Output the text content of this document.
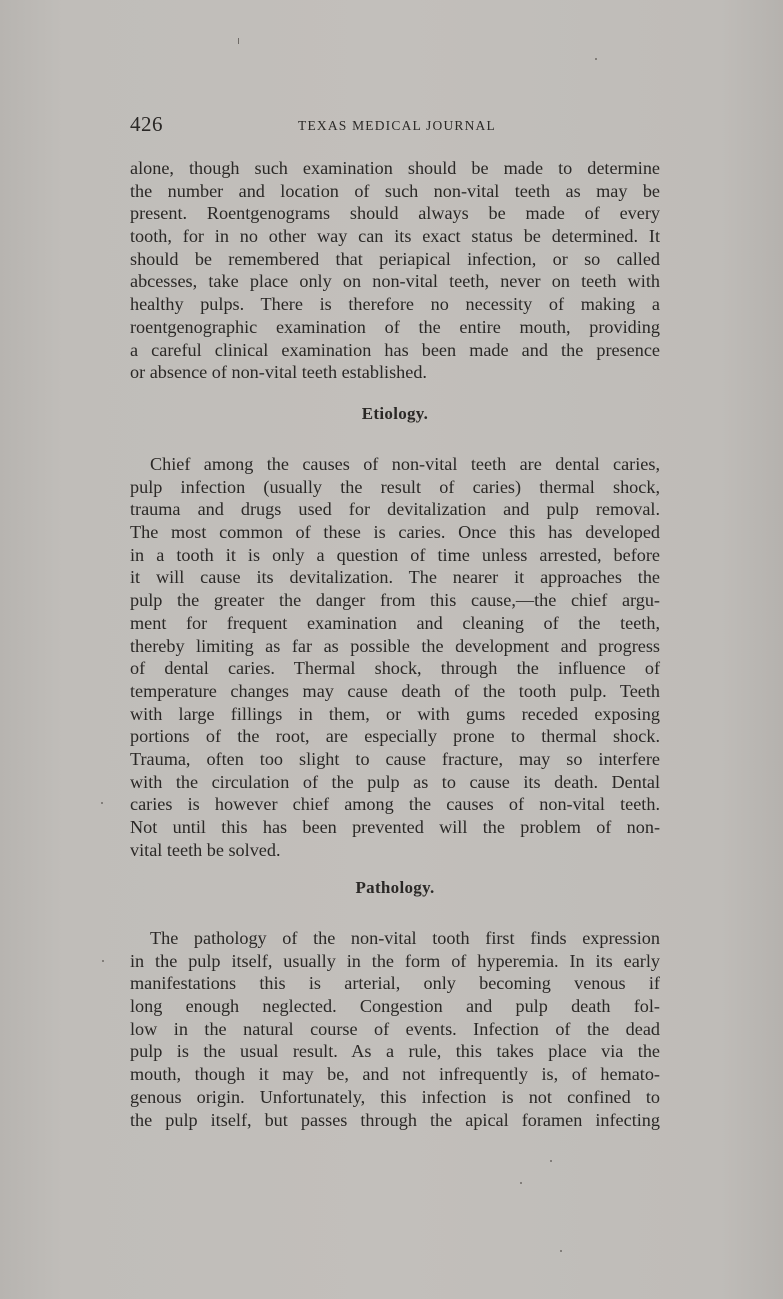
426	TEXAS MEDICAL JOURNAL
alone, though such examination should be made to determine
the number and location of such non-vital teeth as may be
present. Roentgenograms should always be made of every
tooth, for in no other way can its exact status be determined. It
should be remembered that periapical infection, or so called
abcesses, take place only on non-vital teeth, never on teeth with
healthy pulps. There is therefore no necessity of making a
roentgenographic examination of the entire mouth, providing
a careful clinical examination has been made and the presence
or absence of non-vital teeth established.
Etiology.
Chief among the causes of non-vital teeth are dental caries,
pulp infection (usually the result of caries) thermal shock,
trauma and drugs used for devitalization and pulp removal.
The most common of these is caries. Once this has developed
in a tooth it is only a question of time unless arrested, before
it will cause its devitalization. The nearer it approaches the
pulp the greater the danger from this cause,—the chief argu-
ment for frequent examination and cleaning of the teeth,
thereby limiting as far as possible the development and progress
of dental caries. Thermal shock, through the influence of
temperature changes may cause death of the tooth pulp. Teeth
with large fillings in them, or with gums receded exposing
portions of the root, are especially prone to thermal shock.
Trauma, often too slight to cause fracture, may so interfere
with the circulation of the pulp as to cause its death. Dental
caries is however chief among the causes of non-vital teeth.
Not until this has been prevented will the problem of non-
vital teeth be solved.
Pathology.
The pathology of the non-vital tooth first finds expression
in the pulp itself, usually in the form of hyperemia. In its early
manifestations this is arterial, only becoming venous if
long enough neglected. Congestion and pulp death fol-
low in the natural course of events. Infection of the dead
pulp is the usual result. As a rule, this takes place via the
mouth, though it may be, and not infrequently is, of hemato-
genous origin. Unfortunately, this infection is not confined to
the pulp itself, but passes through the apical foramen infecting
